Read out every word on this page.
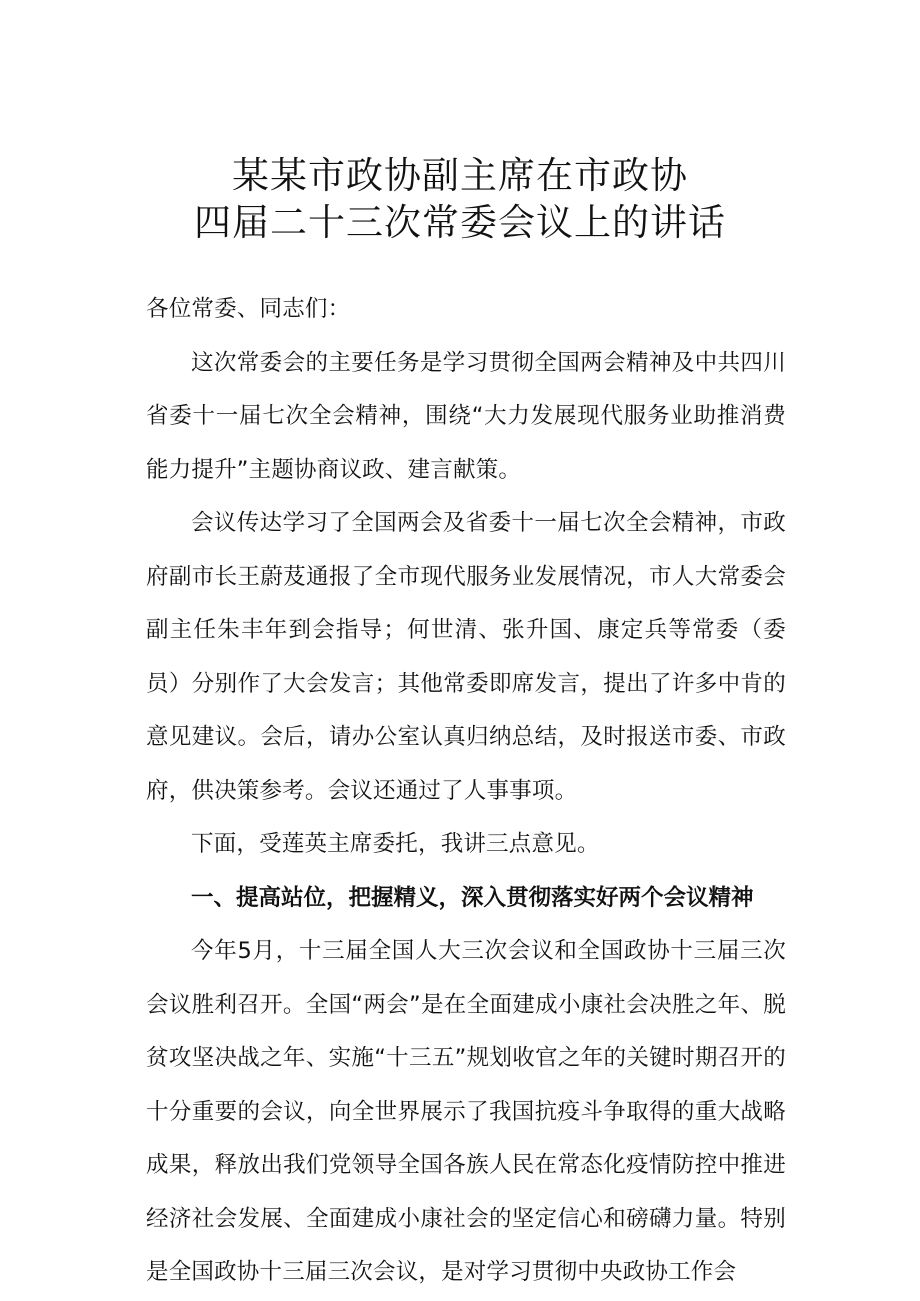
某某市政协副主席在市政协
四届二十三次常委会议上的讲话

各位常委、同志们：

这次常委会的主要任务是学习贯彻全国两会精神及中共四川省委十一届七次全会精神，围绕“大力发展现代服务业助推消费能力提升”主题协商议政、建言献策。

会议传达学习了全国两会及省委十一届七次全会精神，市政府副市长王蔚芨通报了全市现代服务业发展情况，市人大常委会副主任朱丰年到会指导；何世清、张升国、康定兵等常委（委员）分别作了大会发言；其他常委即席发言，提出了许多中肯的意见建议。会后，请办公室认真归纳总结，及时报送市委、市政府，供决策参考。会议还通过了人事事项。

下面，受莲英主席委托，我讲三点意见。

一、提高站位，把握精义，深入贯彻落实好两个会议精神

今年5月，十三届全国人大三次会议和全国政协十三届三次会议胜利召开。全国“两会”是在全面建成小康社会决胜之年、脱贫攻坚决战之年、实施“十三五”规划收官之年的关键时期召开的十分重要的会议，向全世界展示了我国抗疫斗争取得的重大战略成果，释放出我们党领导全国各族人民在常态化疫情防控中推进经济社会发展、全面建成小康社会的坚定信心和磅礴力量。特别是全国政协十三届三次会议，是对学习贯彻中央政协工作会
